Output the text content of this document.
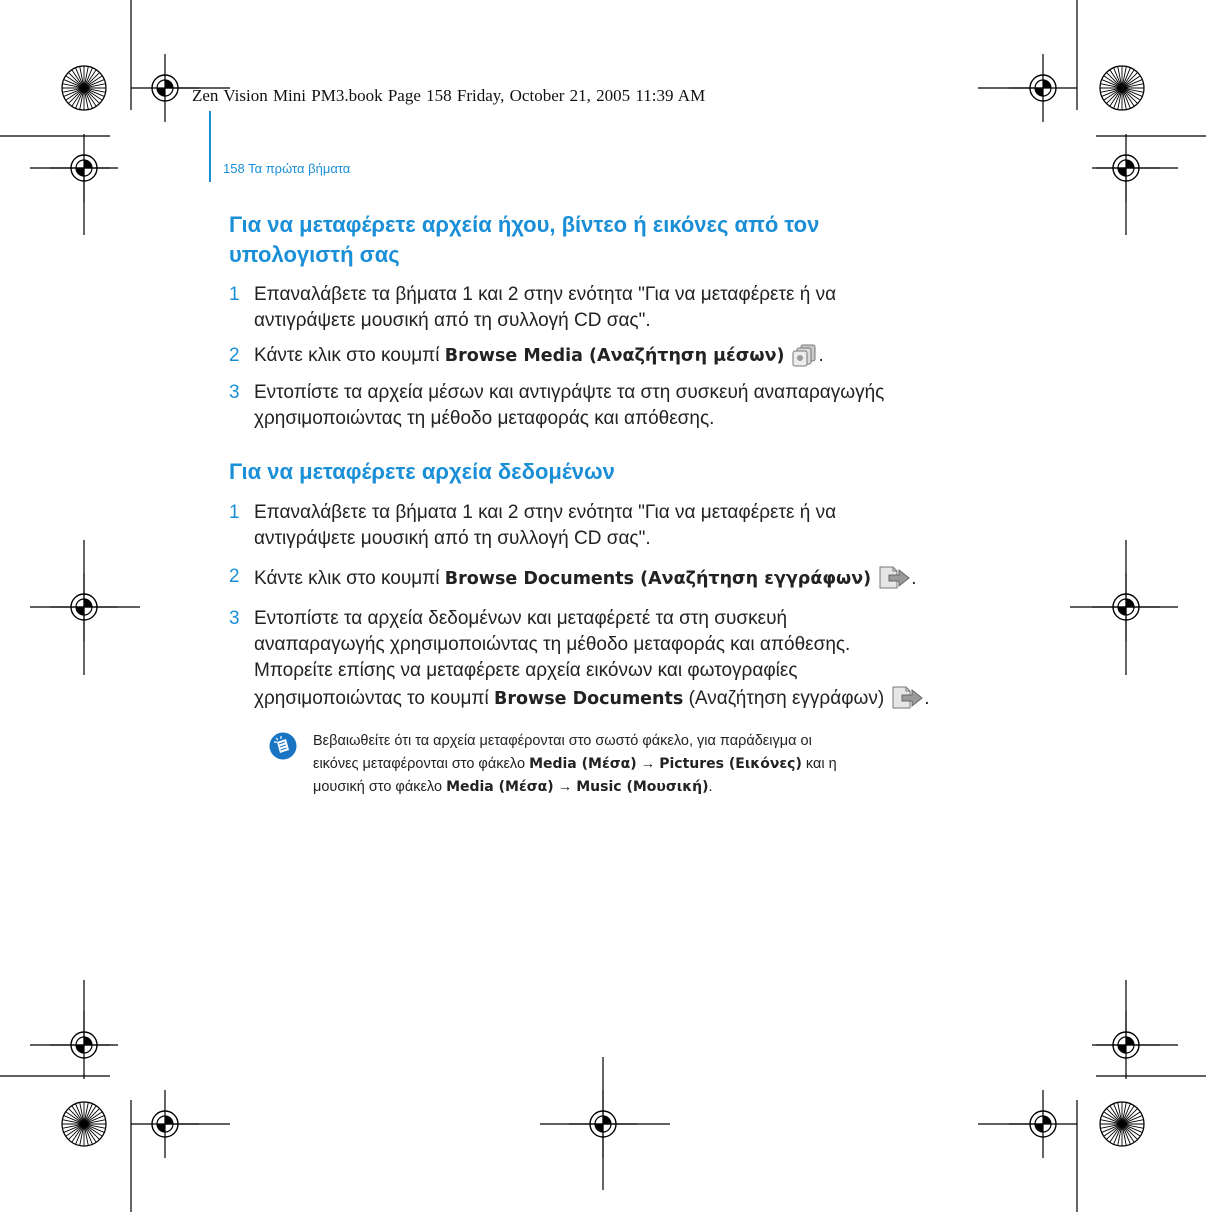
Zen Vision Mini PM3.book Page 158 Friday, October 21, 2005 11:39 AM
158 Τα πρώτα βήματα

Για να μεταφέρετε αρχεία ήχου, βίντεο ή εικόνες από τον
υπολογιστή σας

1 Επαναλάβετε τα βήματα 1 και 2 στην ενότητα "Για να μεταφέρετε ή να
αντιγράψετε μουσική από τη συλλογή CD σας".
2 Κάντε κλικ στο κουμπί Browse Media (Αναζήτηση μέσων) .
3 Εντοπίστε τα αρχεία μέσων και αντιγράψτε τα στη συσκευή αναπαραγωγής
χρησιμοποιώντας τη μέθοδο μεταφοράς και απόθεσης.

Για να μεταφέρετε αρχεία δεδομένων

1 Επαναλάβετε τα βήματα 1 και 2 στην ενότητα "Για να μεταφέρετε ή να
αντιγράψετε μουσική από τη συλλογή CD σας".
2 Κάντε κλικ στο κουμπί Browse Documents (Αναζήτηση εγγράφων) .
3 Εντοπίστε τα αρχεία δεδομένων και μεταφέρετέ τα στη συσκευή
αναπαραγωγής χρησιμοποιώντας τη μέθοδο μεταφοράς και απόθεσης.
Μπορείτε επίσης να μεταφέρετε αρχεία εικόνων και φωτογραφίες
χρησιμοποιώντας το κουμπί Browse Documents (Αναζήτηση εγγράφων) .
Βεβαιωθείτε ότι τα αρχεία μεταφέρονται στο σωστό φάκελο, για παράδειγμα οι
εικόνες μεταφέρονται στο φάκελο Media (Μέσα) → Pictures (Εικόνες) και η
μουσική στο φάκελο Media (Μέσα) → Music (Μουσική).
